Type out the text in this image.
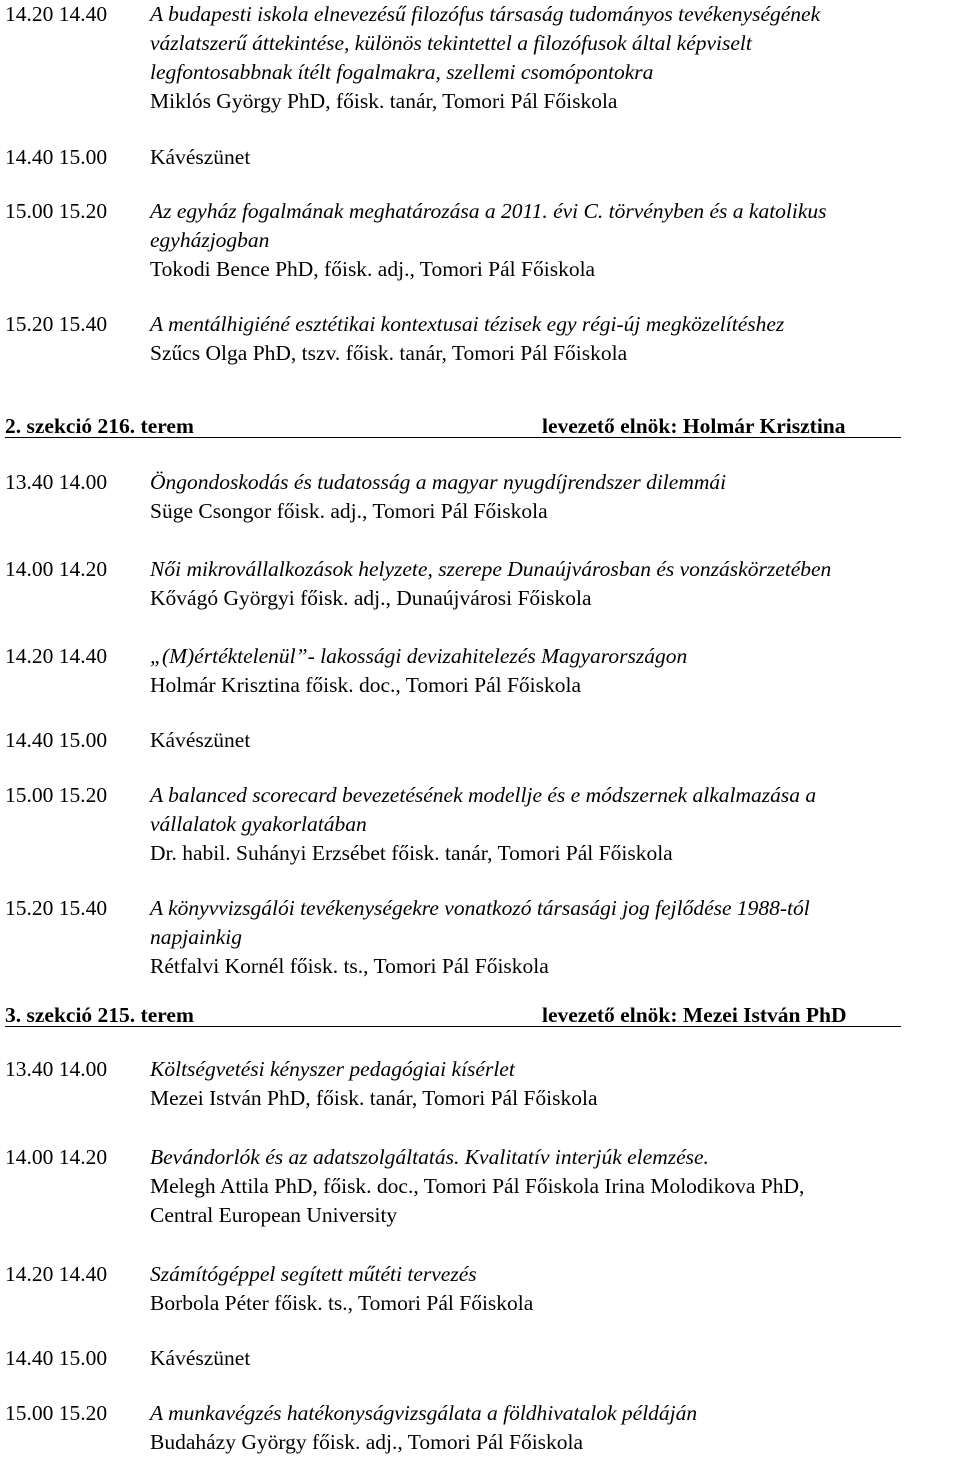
14.20 14.40 A budapesti iskola elnevezésű filozófus társaság tudományos tevékenységének
vázlatszerű áttekintése, különös tekintettel a filozófusok által képviselt
legfontosabbnak ítélt fogalmakra, szellemi csomópontokra
Miklós György PhD, főisk. tanár, Tomori Pál Főiskola
14.40 15.00 Kávészünet
15.00 15.20 Az egyház fogalmának meghatározása a 2011. évi C. törvényben és a katolikus
egyházjogban
Tokodi Bence PhD, főisk. adj., Tomori Pál Főiskola
15.20 15.40 A mentálhigiéné esztétikai kontextusai tézisek egy régi-új megközelítéshez
Szűcs Olga PhD, tszv. főisk. tanár, Tomori Pál Főiskola
2. szekció 216. terem	levezető elnök: Holmár Krisztina
13.40 14.00 Öngondoskodás és tudatosság a magyar nyugdíjrendszer dilemmái
Süge Csongor főisk. adj., Tomori Pál Főiskola
14.00 14.20 Női mikrovállalkozások helyzete, szerepe Dunaújvárosban és vonzáskörzetében
Kővágó Györgyi főisk. adj., Dunaújvárosi Főiskola
14.20 14.40 „(M)értéktelenül”- lakossági devizahitelezés Magyarországon
Holmár Krisztina főisk. doc., Tomori Pál Főiskola
14.40 15.00 Kávészünet
15.00 15.20 A balanced scorecard bevezetésének modellje és e módszernek alkalmazása a
vállalatok gyakorlatában
Dr. habil. Suhányi Erzsébet főisk. tanár, Tomori Pál Főiskola
15.20 15.40 A könyvvizsgálói tevékenységekre vonatkozó társasági jog fejlődése 1988-tól
napjainkig
Rétfalvi Kornél főisk. ts., Tomori Pál Főiskola
3. szekció 215. terem	levezető elnök: Mezei István PhD
13.40 14.00 Költségvetési kényszer pedagógiai kísérlet
Mezei István PhD, főisk. tanár, Tomori Pál Főiskola
14.00 14.20 Bevándorlók és az adatszolgáltatás. Kvalitatív interjúk elemzése.
Melegh Attila PhD, főisk. doc., Tomori Pál Főiskola Irina Molodikova PhD,
Central European University
14.20 14.40 Számítógéppel segített műtéti tervezés
Borbola Péter főisk. ts., Tomori Pál Főiskola
14.40 15.00 Kávészünet
15.00 15.20 A munkavégzés hatékonyságvizsgálata a földhivatalok példáján
Budaházy György főisk. adj., Tomori Pál Főiskola
